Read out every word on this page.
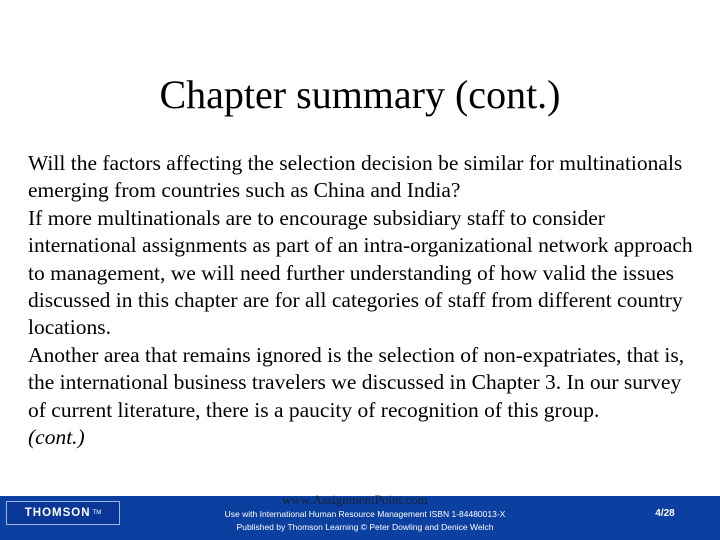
Chapter summary (cont.)

Will the factors affecting the selection decision be similar for multinationals emerging from countries such as China and India?

If more multinationals are to encourage subsidiary staff to consider international assignments as part of an intra-organizational network approach to management, we will need further understanding of how valid the issues discussed in this chapter are for all categories of staff from different country locations.

Another area that remains ignored is the selection of non-expatriates, that is, the international business travelers we discussed in Chapter 3. In our survey of current literature, there is a paucity of recognition of this group.

(cont.)

THOMSON ™
www.AssignmentPoint.com
Use with International Human Resource Management ISBN 1-84480013-X
Published by Thomson Learning © Peter Dowling and Denice Welch
4/28
